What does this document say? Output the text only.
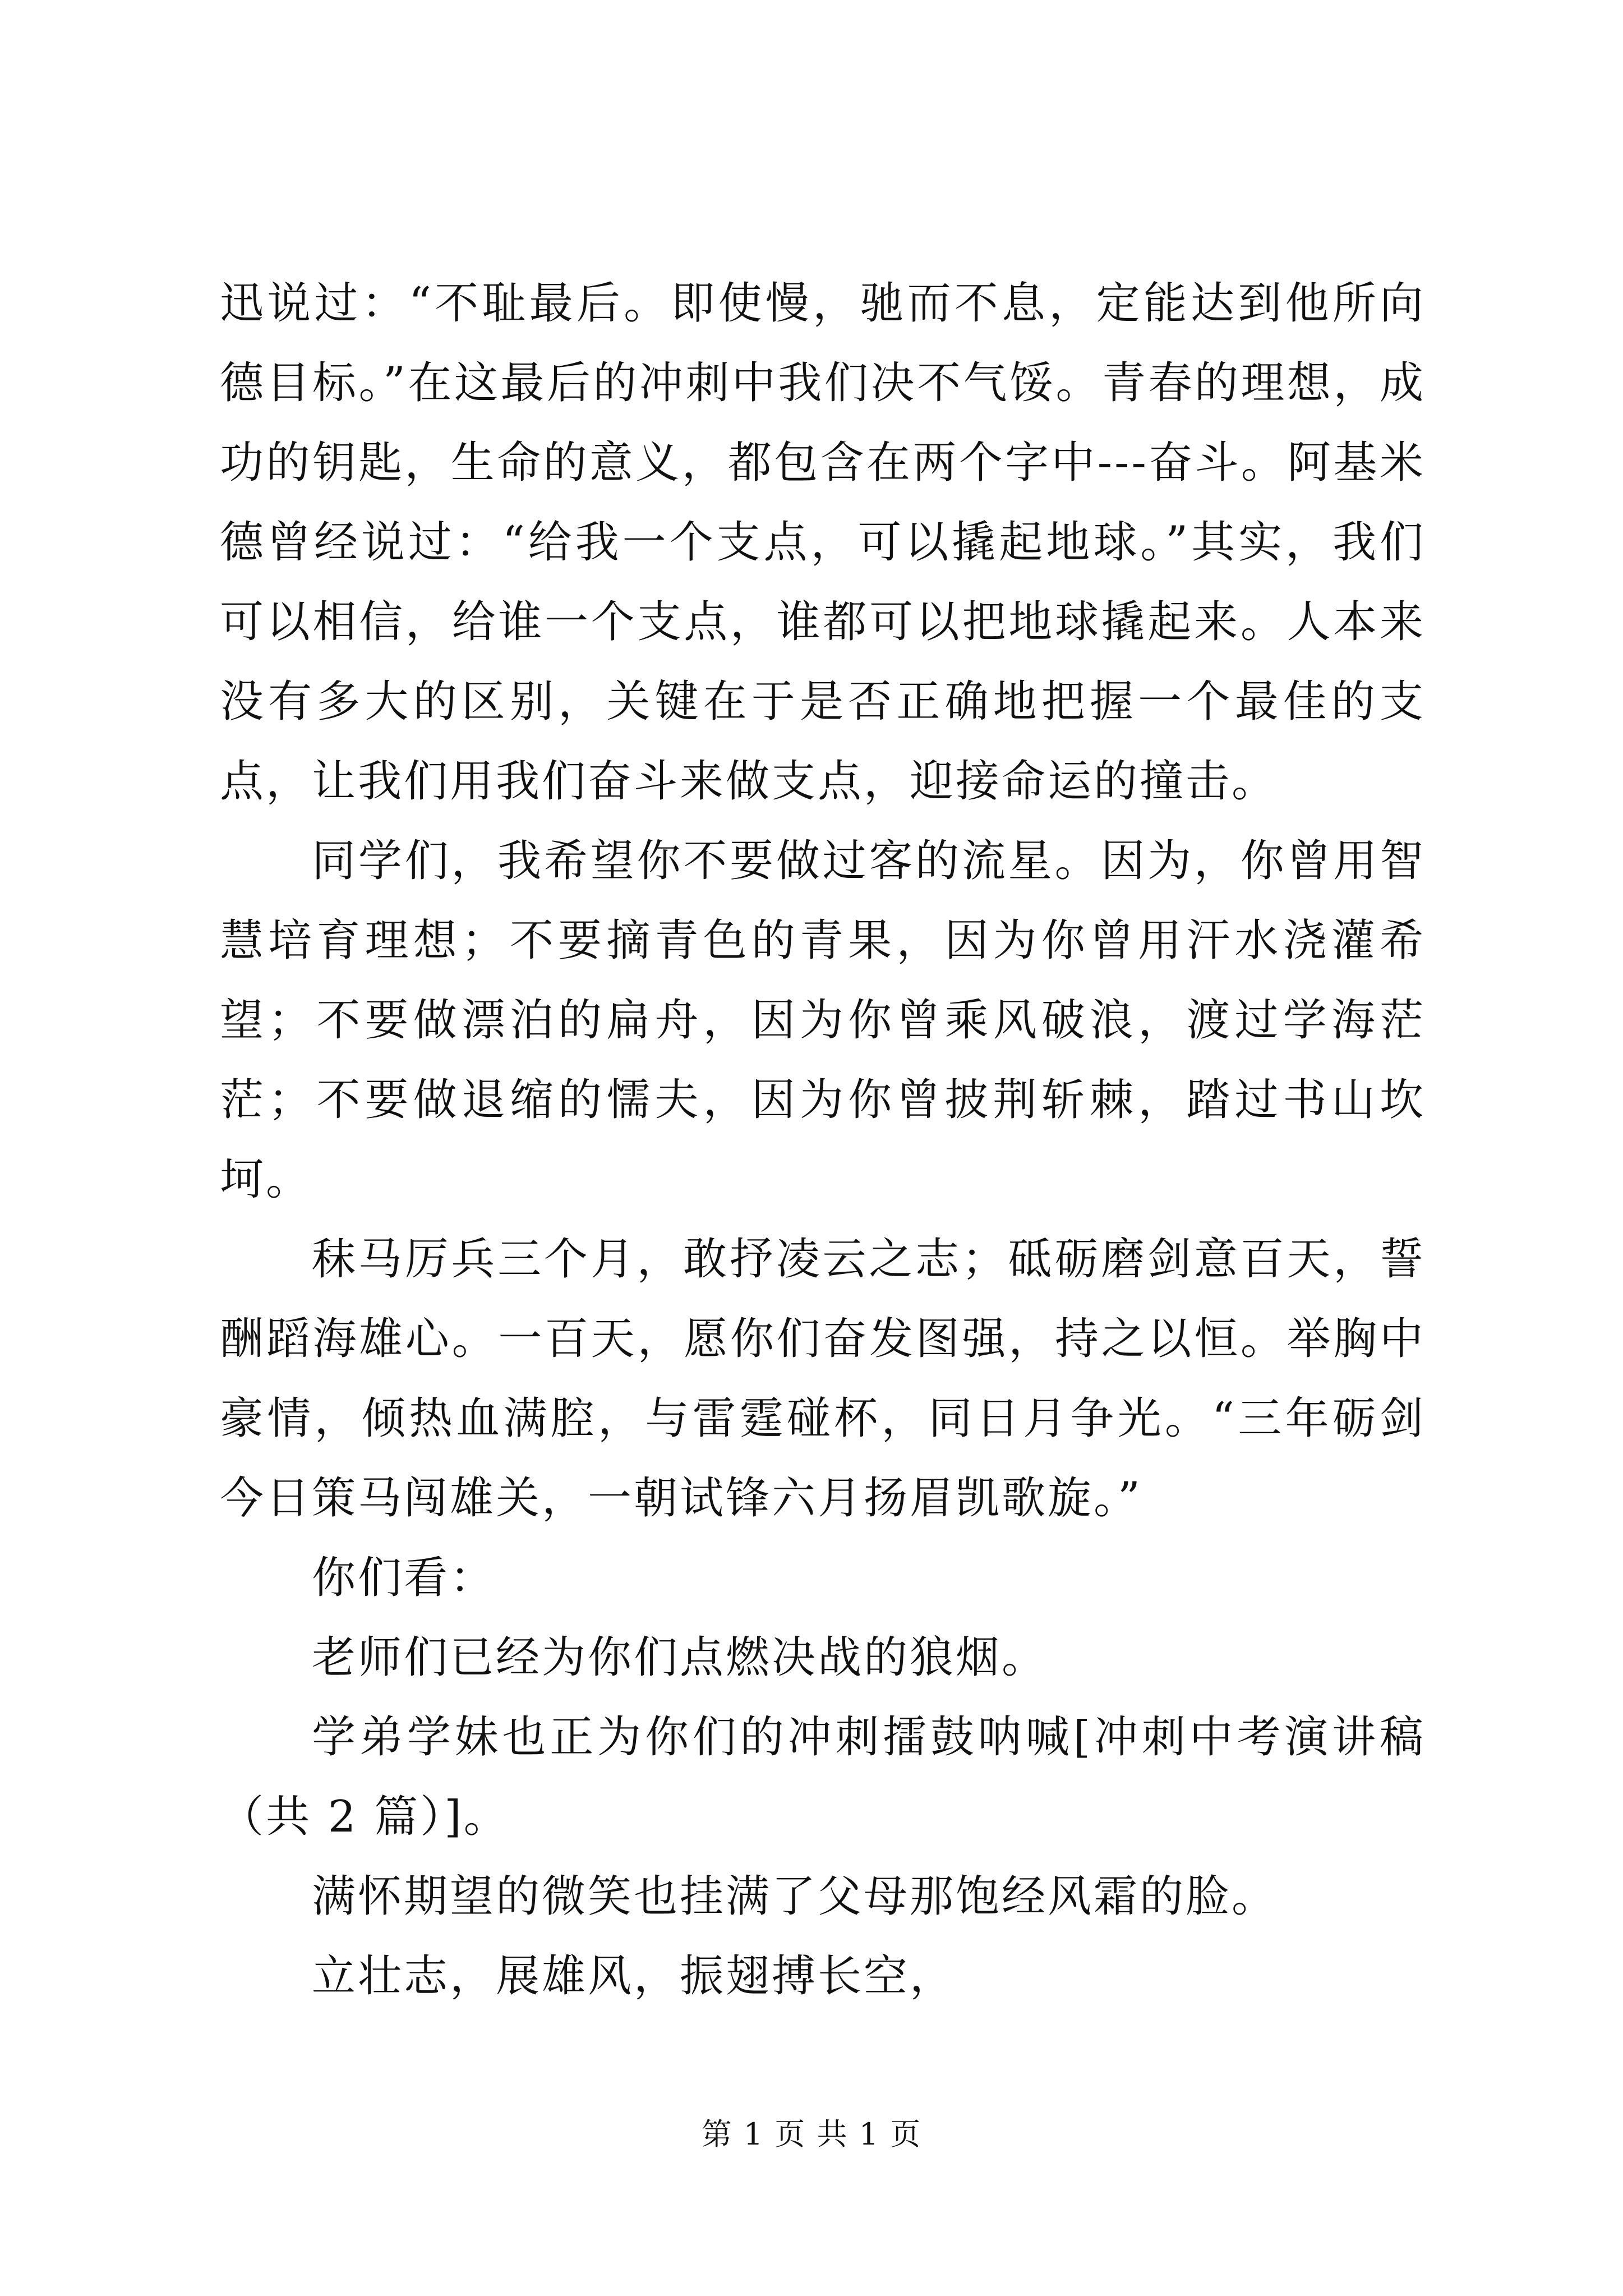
迅说过：“不耻最后。即使慢，驰而不息，定能达到他所向德目标。”在这最后的冲刺中我们决不气馁。青春的理想，成功的钥匙，生命的意义，都包含在两个字中---奋斗。阿基米德曾经说过：“给我一个支点，可以撬起地球。”其实，我们可以相信，给谁一个支点，谁都可以把地球撬起来。人本来没有多大的区别，关键在于是否正确地把握一个最佳的支点，让我们用我们奋斗来做支点，迎接命运的撞击。

同学们，我希望你不要做过客的流星。因为，你曾用智慧培育理想；不要摘青色的青果，因为你曾用汗水浇灌希望；不要做漂泊的扁舟，因为你曾乘风破浪，渡过学海茫茫；不要做退缩的懦夫，因为你曾披荆斩棘，踏过书山坎坷。

秣马厉兵三个月，敢抒凌云之志；砥砺磨剑意百天，誓酬蹈海雄心。一百天，愿你们奋发图强，持之以恒。举胸中豪情，倾热血满腔，与雷霆碰杯，同日月争光。“三年砺剑今日策马闯雄关，一朝试锋六月扬眉凯歌旋。”

你们看：

老师们已经为你们点燃决战的狼烟。

学弟学妹也正为你们的冲刺擂鼓呐喊[冲刺中考演讲稿（共 2 篇）]。

满怀期望的微笑也挂满了父母那饱经风霜的脸。

立壮志，展雄风，振翅搏长空，

第 1 页 共 1 页
